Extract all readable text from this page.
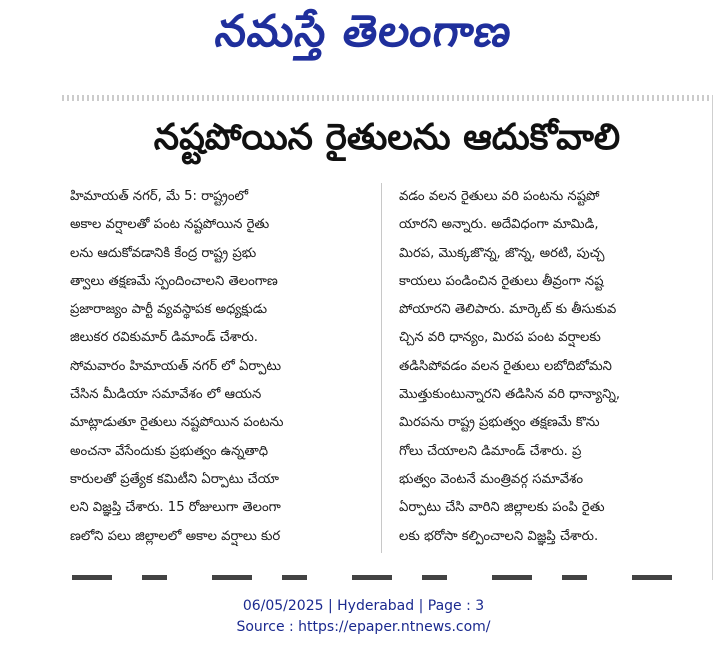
నమస్తే తెలంగాణ
నష్టపోయిన రైతులను ఆదుకోవాలి

హిమాయత్ నగర్, మే 5: రాష్ట్రంలో

అకాల వర్షాలతో పంట నష్టపోయిన రైతు

లను ఆదుకోవడానికి కేంద్ర రాష్ట్ర ప్రభు

త్వాలు తక్షణమే స్పందించాలని తెలంగాణ

ప్రజారాజ్యం పార్టీ వ్యవస్థాపక అధ్యక్షుడు

జిలుకర రవికుమార్ డిమాండ్ చేశారు.

సోమవారం హిమాయత్ నగర్ లో ఏర్పాటు

చేసిన మీడియా సమావేశం లో ఆయన

మాట్లాడుతూ రైతులు నష్టపోయిన పంటను

అంచనా వేసేందుకు ప్రభుత్వం ఉన్నతాధి

కారులతో ప్రత్యేక కమిటీని ఏర్పాటు చేయా

లని విజ్ఞప్తి చేశారు. 15 రోజులుగా తెలంగా

ణలోని పలు జిల్లాలలో అకాల వర్షాలు కుర

వడం వలన రైతులు వరి పంటను నష్టపో

యారని అన్నారు. అదేవిధంగా మామిడి,

మిరప, మొక్కజొన్న, జొన్న, అరటి, పుచ్చ

కాయలు పండించిన రైతులు తీవ్రంగా నష్ట

పోయారని తెలిపారు. మార్కెట్ కు తీసుకువ

చ్చిన వరి ధాన్యం, మిరప పంట వర్షాలకు

తడిసిపోవడం వలన రైతులు లబోదిబోమని

మొత్తుకుంటున్నారని తడిసిన వరి ధాన్యాన్ని,

మిరపను రాష్ట్ర ప్రభుత్వం తక్షణమే కొను

గోలు చేయాలని డిమాండ్ చేశారు. ప్ర

భుత్వం వెంటనే మంత్రివర్గ సమావేశం

ఏర్పాటు చేసి వారిని జిల్లాలకు పంపి రైతు

లకు భరోసా కల్పించాలని విజ్ఞప్తి చేశారు.

06/05/2025 | Hyderabad | Page : 3
Source : https://epaper.ntnews.com/
